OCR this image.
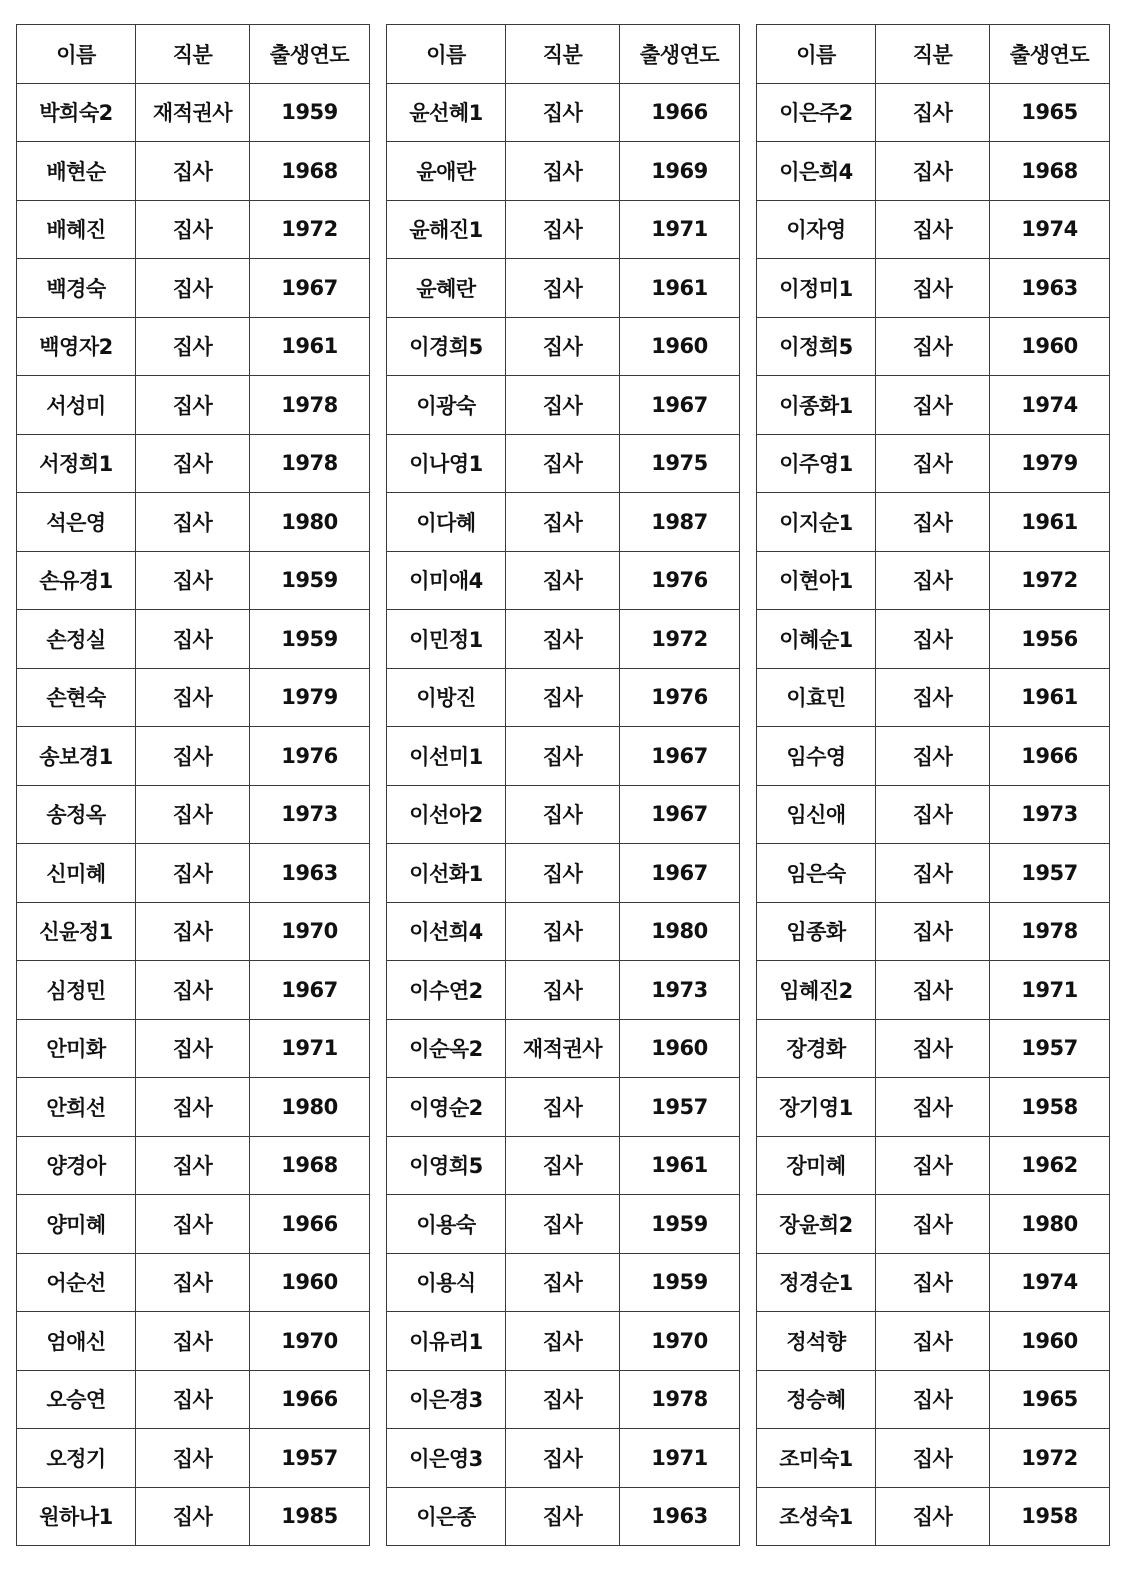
이름	직분	출생연도
박희숙2	재적권사	1959
배현순	집사	1968
배혜진	집사	1972
백경숙	집사	1967
백영자2	집사	1961
서성미	집사	1978
서정희1	집사	1978
석은영	집사	1980
손유경1	집사	1959
손정실	집사	1959
손현숙	집사	1979
송보경1	집사	1976
송정옥	집사	1973
신미혜	집사	1963
신윤정1	집사	1970
심정민	집사	1967
안미화	집사	1971
안희선	집사	1980
양경아	집사	1968
양미혜	집사	1966
어순선	집사	1960
엄애신	집사	1970
오승연	집사	1966
오정기	집사	1957
원하나1	집사	1985
이름	직분	출생연도
윤선혜1	집사	1966
윤애란	집사	1969
윤해진1	집사	1971
윤혜란	집사	1961
이경희5	집사	1960
이광숙	집사	1967
이나영1	집사	1975
이다혜	집사	1987
이미애4	집사	1976
이민정1	집사	1972
이방진	집사	1976
이선미1	집사	1967
이선아2	집사	1967
이선화1	집사	1967
이선희4	집사	1980
이수연2	집사	1973
이순옥2	재적권사	1960
이영순2	집사	1957
이영희5	집사	1961
이용숙	집사	1959
이용식	집사	1959
이유리1	집사	1970
이은경3	집사	1978
이은영3	집사	1971
이은종	집사	1963
이름	직분	출생연도
이은주2	집사	1965
이은희4	집사	1968
이자영	집사	1974
이정미1	집사	1963
이정희5	집사	1960
이종화1	집사	1974
이주영1	집사	1979
이지순1	집사	1961
이현아1	집사	1972
이혜순1	집사	1956
이효민	집사	1961
임수영	집사	1966
임신애	집사	1973
임은숙	집사	1957
임종화	집사	1978
임혜진2	집사	1971
장경화	집사	1957
장기영1	집사	1958
장미혜	집사	1962
장윤희2	집사	1980
정경순1	집사	1974
정석향	집사	1960
정승혜	집사	1965
조미숙1	집사	1972
조성숙1	집사	1958
